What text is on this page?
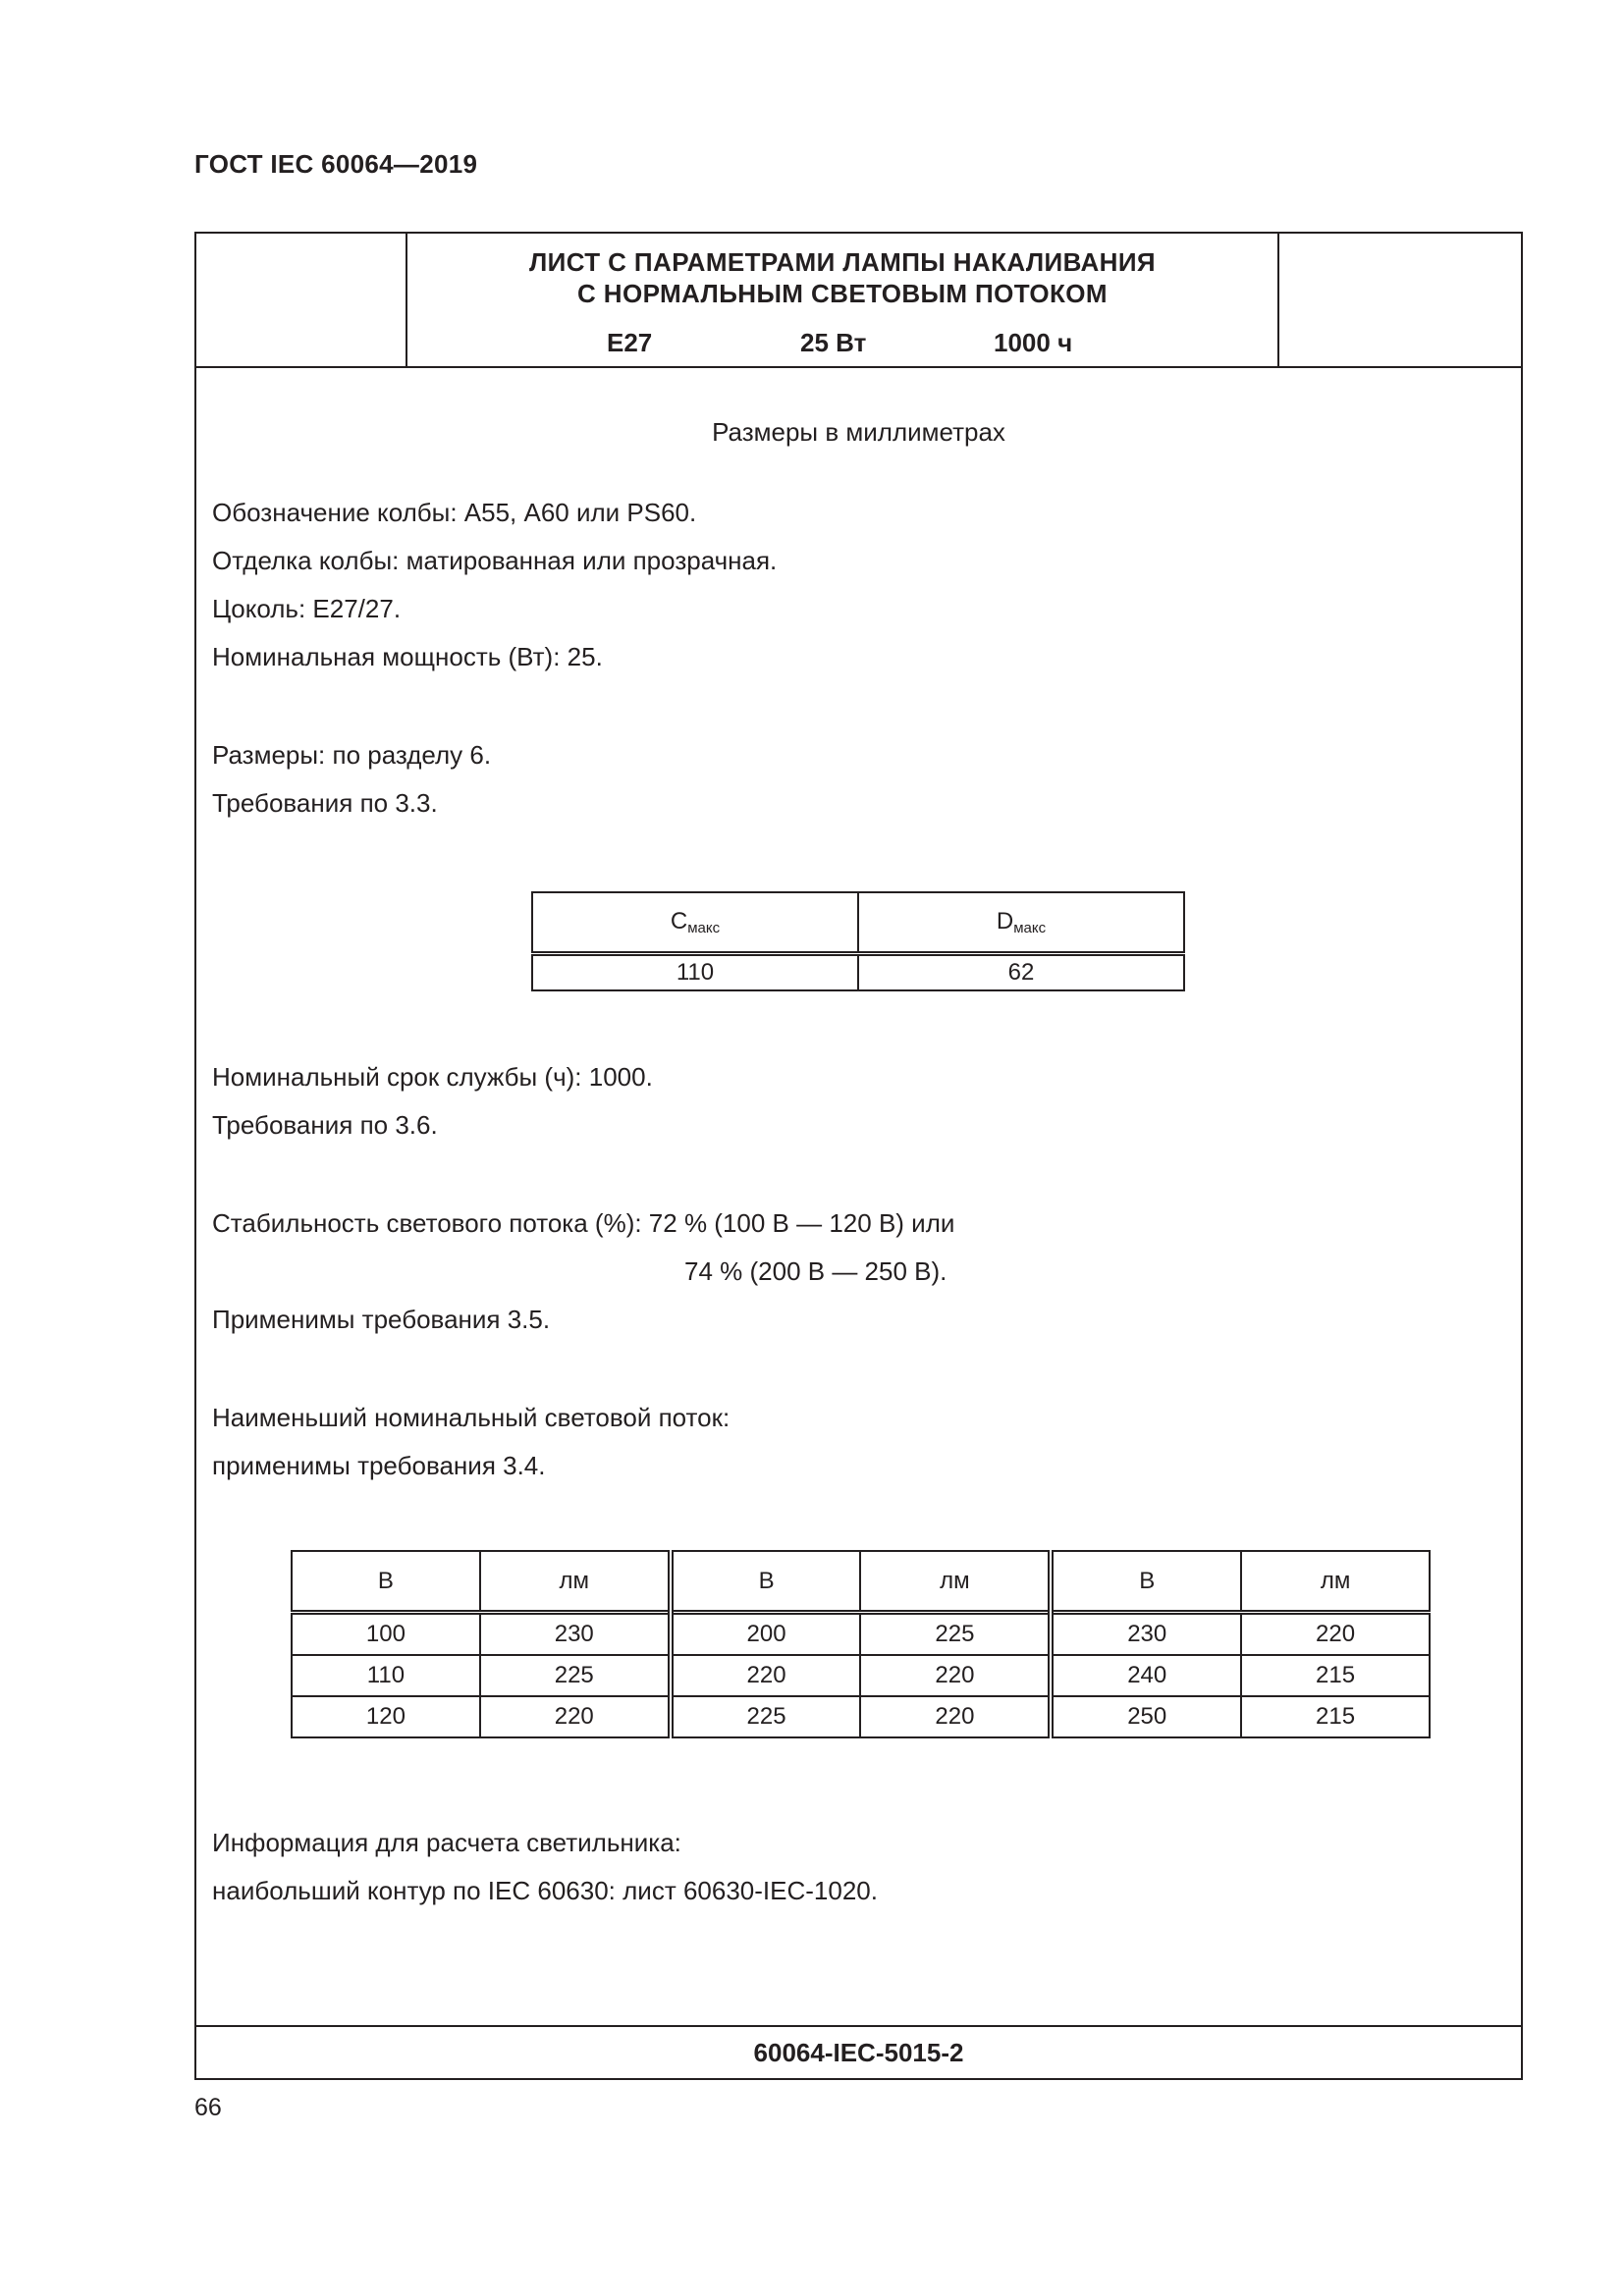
ГОСТ IEC 60064—2019
ЛИСТ С ПАРАМЕТРАМИ ЛАМПЫ НАКАЛИВАНИЯ
С НОРМАЛЬНЫМ СВЕТОВЫМ ПОТОКОМ
E27	25 Вт	1000 ч
Размеры в миллиметрах
Обозначение колбы: А55, А60 или PS60.
Отделка колбы: матированная или прозрачная.
Цоколь: Е27/27.
Номинальная мощность (Вт): 25.
Размеры: по разделу 6.
Требования по 3.3.
Номинальный срок службы (ч): 1000.
Требования по 3.6.
Стабильность светового потока (%): 72 % (100 В — 120 В) или
74 % (200 В — 250 В).
Применимы требования 3.5.
Наименьший номинальный световой поток:
применимы требования 3.4.
Информация для расчета светильника:
наибольший контур по IEC 60630: лист 60630-IEC-1020.
60064-IEC-5015-2
$C_{макс}$	$D_{макс}$
110	62
В	лм	В	лм	В	лм
100	230	200	225	230	220
110	225	220	220	240	215
120	220	225	220	250	215
66
